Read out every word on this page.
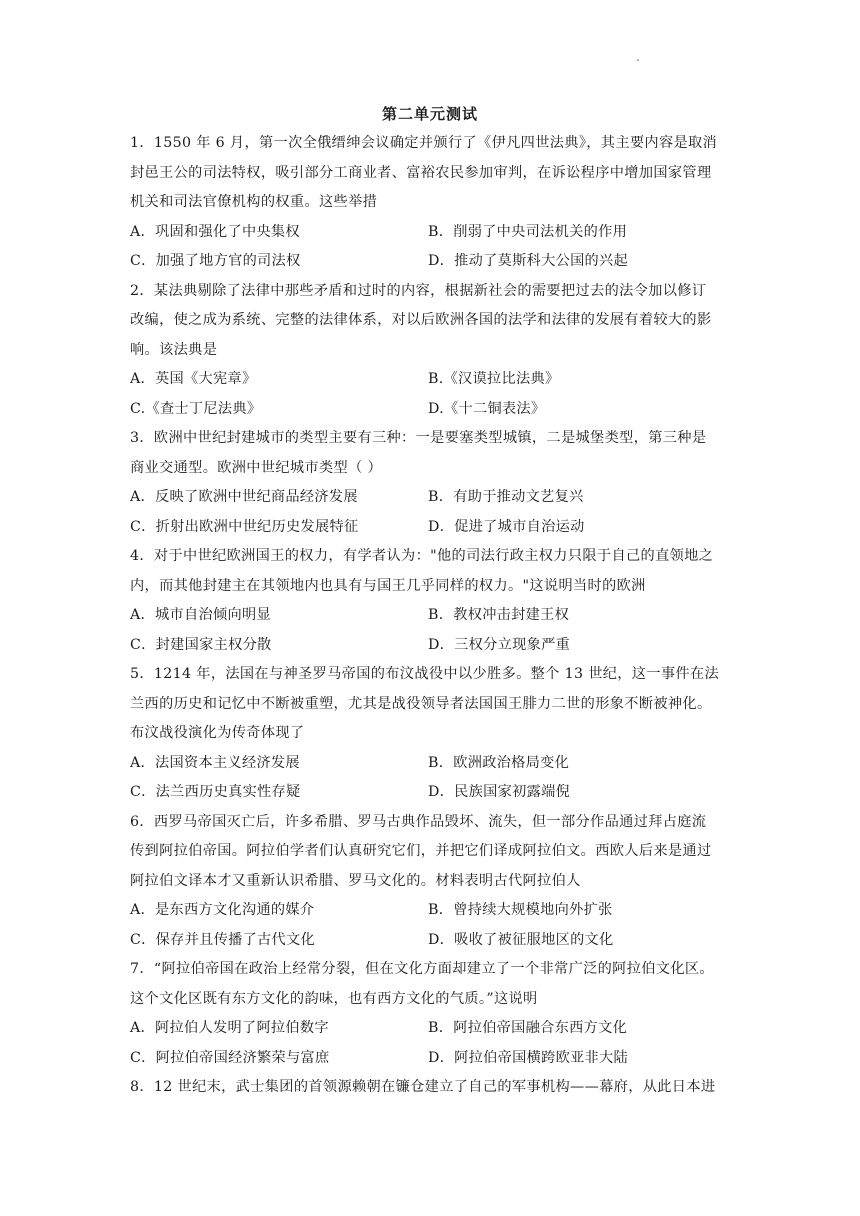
.
第二单元测试
1．1550 年 6 月，第一次全俄缙绅会议确定并颁行了《伊凡四世法典》，其主要内容是取消
封邑王公的司法特权，吸引部分工商业者、富裕农民参加审判，在诉讼程序中增加国家管理
机关和司法官僚机构的权重。这些举措
A．巩固和强化了中央集权	B．削弱了中央司法机关的作用
C．加强了地方官的司法权	D．推动了莫斯科大公国的兴起
2．某法典剔除了法律中那些矛盾和过时的内容，根据新社会的需要把过去的法令加以修订
改编，使之成为系统、完整的法律体系，对以后欧洲各国的法学和法律的发展有着较大的影
响。该法典是
A．英国《大宪章》	B.《汉谟拉比法典》
C.《查士丁尼法典》	D.《十二铜表法》
3．欧洲中世纪封建城市的类型主要有三种：一是要塞类型城镇，二是城堡类型，第三种是
商业交通型。欧洲中世纪城市类型（ ）
A．反映了欧洲中世纪商品经济发展	B．有助于推动文艺复兴
C．折射出欧洲中世纪历史发展特征	D．促进了城市自治运动
4．对于中世纪欧洲国王的权力，有学者认为："他的司法行政主权力只限于自己的直领地之
内，而其他封建主在其领地内也具有与国王几乎同样的权力。"这说明当时的欧洲
A．城市自治倾向明显	B．教权冲击封建王权
C．封建国家主权分散	D．三权分立现象严重
5．1214 年，法国在与神圣罗马帝国的布汶战役中以少胜多。整个 13 世纪，这一事件在法
兰西的历史和记忆中不断被重塑，尤其是战役领导者法国国王腓力二世的形象不断被神化。
布汶战役演化为传奇体现了
A．法国资本主义经济发展	B．欧洲政治格局变化
C．法兰西历史真实性存疑	D．民族国家初露端倪
6．西罗马帝国灭亡后，许多希腊、罗马古典作品毁坏、流失，但一部分作品通过拜占庭流
传到阿拉伯帝国。阿拉伯学者们认真研究它们，并把它们译成阿拉伯文。西欧人后来是通过
阿拉伯文译本才又重新认识希腊、罗马文化的。材料表明古代阿拉伯人
A．是东西方文化沟通的媒介	B．曾持续大规模地向外扩张
C．保存并且传播了古代文化	D．吸收了被征服地区的文化
7．“阿拉伯帝国在政治上经常分裂，但在文化方面却建立了一个非常广泛的阿拉伯文化区。
这个文化区既有东方文化的韵味，也有西方文化的气质。”这说明
A．阿拉伯人发明了阿拉伯数字	B．阿拉伯帝国融合东西方文化
C．阿拉伯帝国经济繁荣与富庶	D．阿拉伯帝国横跨欧亚非大陆
8．12 世纪末，武士集团的首领源赖朝在镰仓建立了自己的军事机构——幕府，从此日本进
